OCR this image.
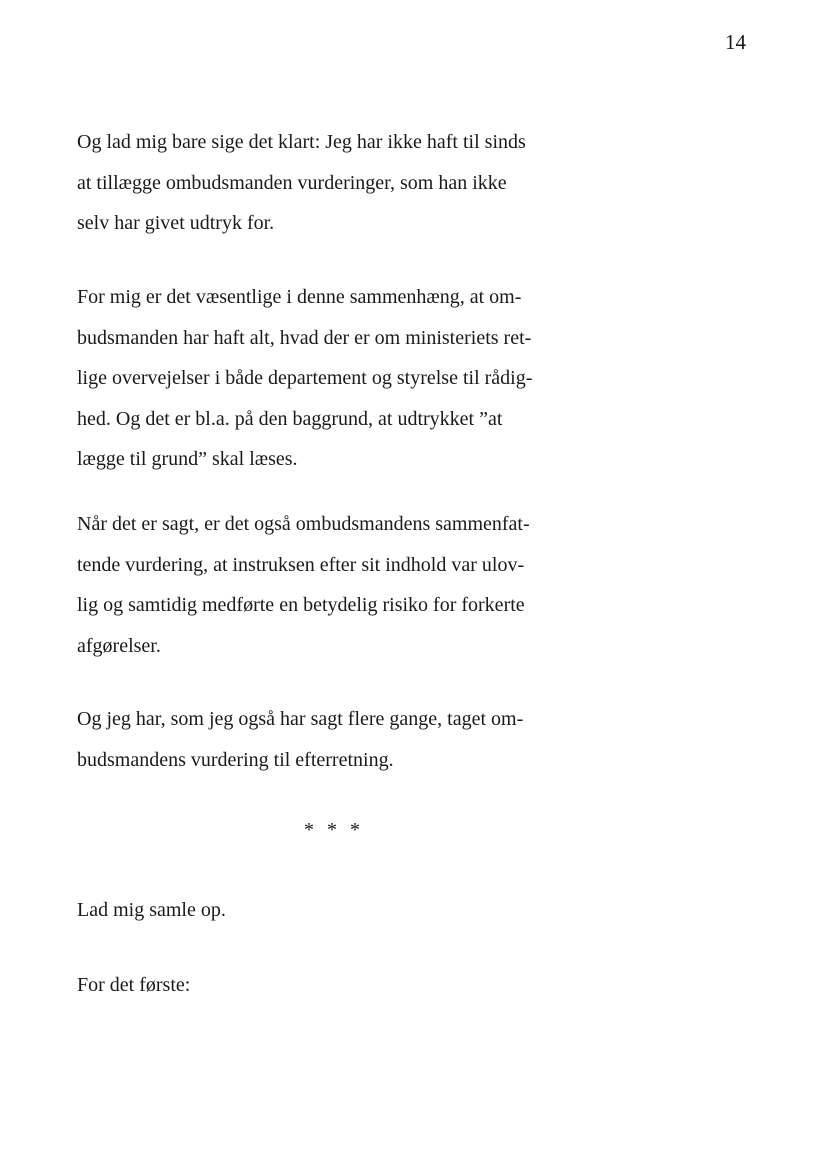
14

Og lad mig bare sige det klart: Jeg har ikke haft til sinds
at tillægge ombudsmanden vurderinger, som han ikke
selv har givet udtryk for.

For mig er det væsentlige i denne sammenhæng, at om-
budsmanden har haft alt, hvad der er om ministeriets ret-
lige overvejelser i både departement og styrelse til rådig-
hed. Og det er bl.a. på den baggrund, at udtrykket ”at
lægge til grund” skal læses.

Når det er sagt, er det også ombudsmandens sammenfat-
tende vurdering, at instruksen efter sit indhold var ulov-
lig og samtidig medførte en betydelig risiko for forkerte
afgørelser.

Og jeg har, som jeg også har sagt flere gange, taget om-
budsmandens vurdering til efterretning.

* * *

Lad mig samle op.

For det første:
